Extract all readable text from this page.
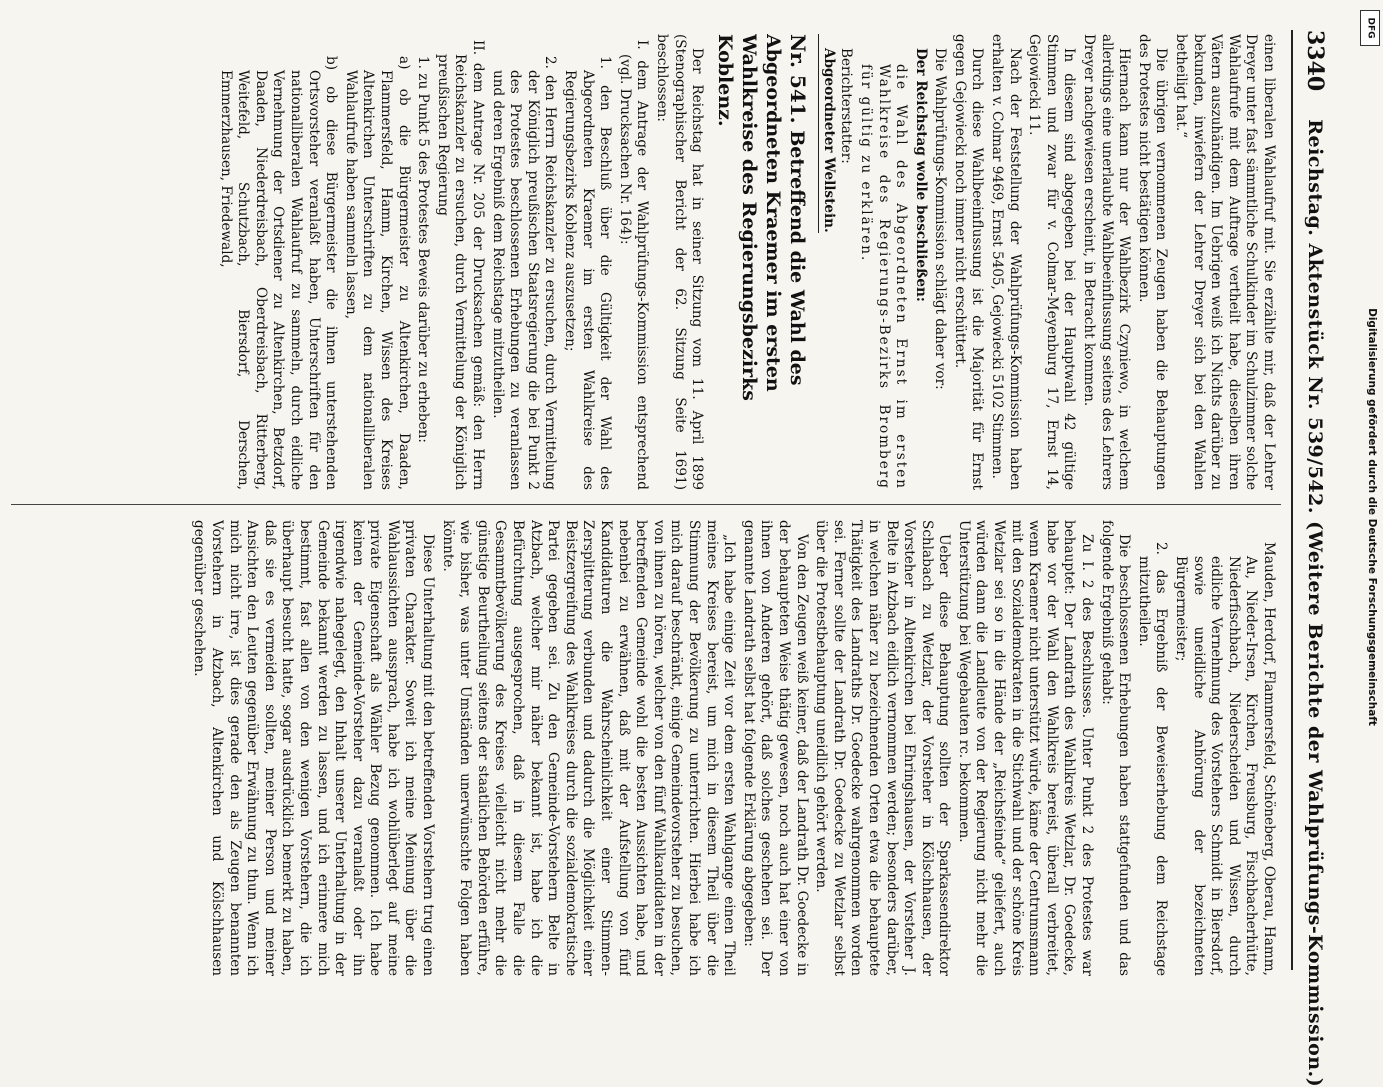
3340
Reichstag. Aktenstück Nr. 539/542. (Weitere Berichte der Wahlprüfungs-Kommission.)

einen liberalen Wahlaufruf mit. Sie erzählte mir, daß der Lehrer Dreyer unter fast sämmtliche Schulkinder im Schulzimmer solche Wahlaufrufe mit dem Auftrage vertheilt habe, dieselben ihren Vätern auszuhändigen. Im Uebrigen weiß ich Nichts darüber zu bekunden, inwiefern der Lehrer Dreyer sich bei den Wahlen betheiligt hat.“

Die übrigen vernommenen Zeugen haben die Behauptungen des Protestes nicht bestätigen können.

Hiernach kann nur der Wahlbezirk Czyniewo, in welchem allerdings eine unerlaubte Wahlbeeinflussung seitens des Lehrers Dreyer nachgewiesen erscheint, in Betracht kommen.

In diesem sind abgegeben bei der Hauptwahl 42 gültige Stimmen und zwar für v. Colmar-Meyenburg 17, Ernst 14, Gejowiecki 11.

Nach der Feststellung der Wahlprüfungs-Kommission haben erhalten v. Colmar 9469, Ernst 5405, Gejowiecki 5102 Stimmen.

Durch diese Wahlbeeinflussung ist die Majorität für Ernst gegen Gejowiecki noch immer nicht erschüttert.

Die Wahlprüfungs-Kommission schlägt daher vor:

Der Reichstag wolle beschließen:

die Wahl des Abgeordneten Ernst im ersten Wahlkreise des Regierungs-Bezirks Bromberg für gültig zu erklären.

Berichterstatter:
Abgeordneter Wellstein.

Nr. 541. Betreffend die Wahl des Abgeordneten Kraemer im ersten Wahlkreise des Regierungsbezirks Koblenz.

Der Reichstag hat in seiner Sitzung vom 11. April 1899 (Stenographischer Bericht der 62. Sitzung Seite 1691) beschlossen:

I. dem Antrage der Wahlprüfungs-Kommission entsprechend (vgl. Drucksachen Nr. 164):

1. den Beschluß über die Gültigkeit der Wahl des Abgeordneten Kraemer im ersten Wahlkreise des Regierungsbezirks Koblenz auszusetzen;

2. den Herrn Reichskanzler zu ersuchen, durch Vermittelung der Königlich preußischen Staatsregierung die bei Punkt 2 des Protestes beschlossenen Erhebungen zu veranlassen und deren Ergebniß dem Reichstage mitzutheilen.

II. dem Antrage Nr. 205 der Drucksachen gemäß: den Herrn Reichskanzler zu ersuchen, durch Vermittelung der Königlich preußischen Regierung

1. zu Punkt 5 des Protestes Beweis darüber zu erheben:

a) ob die Bürgermeister zu Altenkirchen, Daaden, Flammersfeld, Hamm, Kirchen, Wissen des Kreises Altenkirchen Unterschriften zu dem nationalliberalen Wahlaufrufe haben sammeln lassen,

b) ob diese Bürgermeister die ihnen unterstehenden Ortsvorsteher veranlaßt haben, Unterschriften für den nationalliberalen Wahlaufruf zu sammeln, durch eidliche Vernehmung der Ortsdiener zu Altenkirchen, Betzdorf, Daaden, Niederdreisbach, Oberdreisbach, Ritterberg, Weitefeld, Schutzbach, Biersdorf, Derschen, Emmerzhausen, Friedewald,

Mauden, Herdorf, Flammersfeld, Schöneberg, Oberau, Hamm, Au, Nieder-Irsen, Kirchen, Freusburg, Fischbacherhütte, Niederfischbach, Niederscheiden und Wissen, durch eidliche Vernehmung des Vorstehers Schmidt in Biersdorf, sowie uneidliche Anhörung der bezeichneten Bürgermeister;

2. das Ergebniß der Beweiserhebung dem Reichstage mitzutheilen.

Die beschlossenen Erhebungen haben stattgefunden und das folgende Ergebniß gehabt:

Zu I. 2 des Beschlusses. Unter Punkt 2 des Protestes war behauptet: Der Landrath des Wahlkreis Wetzlar, Dr. Goedecke, habe vor der Wahl den Wahlkreis bereist, überall verbreitet, wenn Kraemer nicht unterstützt würde, käme der Centrumsmann mit den Sozialdemokraten in die Stichwahl und der schöne Kreis Wetzlar sei so in die Hände der „Reichsfeinde“ geliefert, auch würden dann die Landleute von der Regierung nicht mehr die Unterstützung bei Wegebauten rc. bekommen.

Ueber diese Behauptung sollten der Sparkassendirektor Schlabach zu Wetzlar, der Vorsteher in Kölschhausen, der Vorsteher in Altenkirchen bei Ehringshausen, der Vorsteher J. Belte in Atzbach eidlich vernommen werden; besonders darüber, in welchen näher zu bezeichnenden Orten etwa die behauptete Thätigkeit des Landraths Dr. Goedecke wahrgenommen worden sei. Ferner sollte der Landrath Dr. Goedecke zu Wetzlar selbst über die Protestbehauptung uneidlich gehört werden.

Von den Zeugen weiß keiner, daß der Landrath Dr. Goedecke in der behaupteten Weise thätig gewesen, noch auch hat einer von ihnen von Anderen gehört, daß solches geschehen sei. Der genannte Landrath selbst hat folgende Erklärung abgegeben:

„Ich habe einige Zeit vor dem ersten Wahlgange einen Theil meines Kreises bereist, um mich in diesem Theil über die Stimmung der Bevölkerung zu unterrichten. Hierbei habe ich mich darauf beschränkt, einige Gemeindevorsteher zu besuchen, von ihnen zu hören, welcher von den fünf Wahlkandidaten in der betreffenden Gemeinde wohl die besten Aussichten habe, und nebenbei zu erwähnen, daß mit der Aufstellung von fünf Kandidaturen die Wahrscheinlichkeit einer Stimmen-Zersplitterung verbunden und dadurch die Möglichkeit einer Beistzergreifung des Wahlkreises durch die sozialdemokratische Partei gegeben sei. Zu den Gemeinde-Vorstehern Belte in Atzbach, welcher mir näher bekannt ist, habe ich die Befürchtung ausgesprochen, daß in diesem Falle die Gesammtbevölkerung des Kreises vielleicht nicht mehr die günstige Beurtheilung seitens der staatlichen Behörden erführe, wie bisher, was unter Umständen unerwünschte Folgen haben könnte.

Diese Unterhaltung mit den betreffenden Vorstehern trug einen privaten Charakter. Soweit ich meine Meinung über die Wahlaussichten aussprach, habe ich wohlüberlegt auf meine private Eigenschaft als Wähler Bezug genommen. Ich habe keinen der Gemeinde-Vorsteher dazu veranlaßt oder ihn irgendwie nahegelegt, den Inhalt unserer Unterhaltung in der Gemeinde bekannt werden zu lassen, und ich erinnere mich bestimmt, fast allen von den wenigen Vorstehern, die ich überhaupt besucht hatte, sogar ausdrücklich bemerkt zu haben, daß sie es vermeiden sollten, meiner Person und meiner Ansichten den Leuten gegenüber Erwähnung zu thun. Wenn ich mich nicht irre, ist dies gerade den als Zeugen benannten Vorstehern in Atzbach, Altenkirchen und Kölschhausen gegenüber geschehen.

DFG
Digitalisierung gefördert durch die Deutsche Forschungsgemeinschaft
